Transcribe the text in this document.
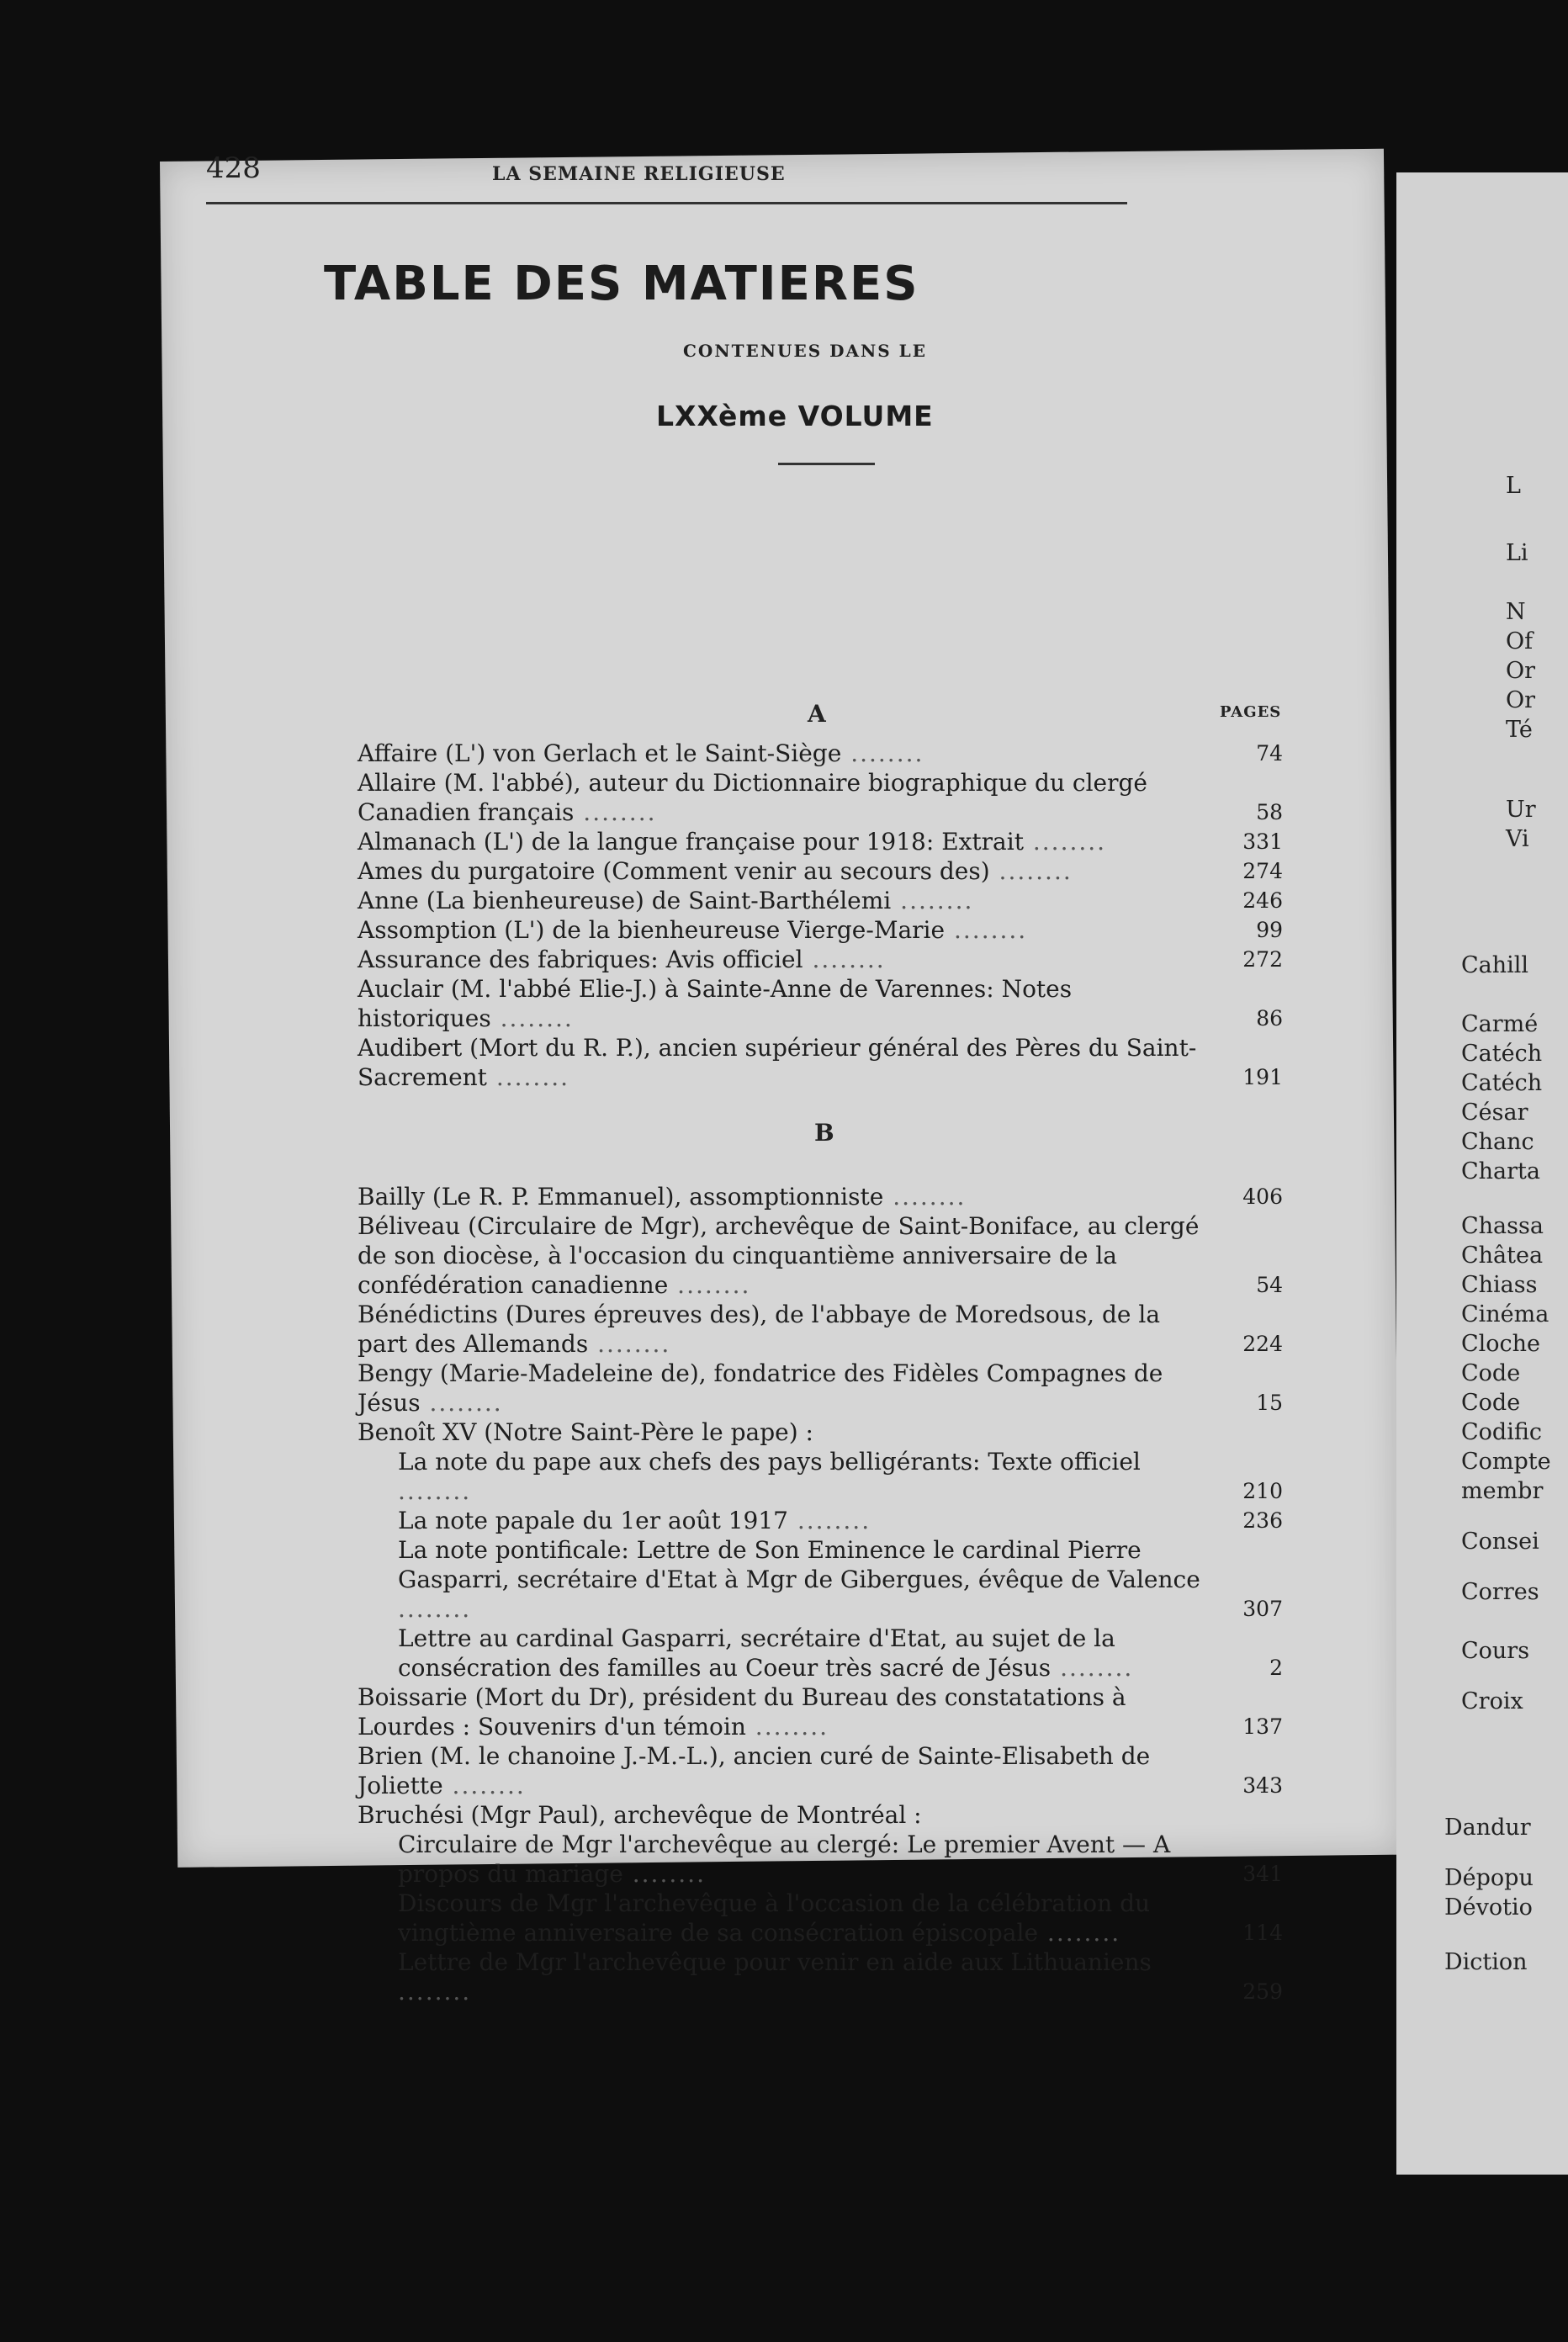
428	LA SEMAINE RELIGIEUSE
TABLE DES MATIERES
CONTENUES DANS LE
LXXème VOLUME
A	PAGES
Affaire (L') von Gerlach et le Saint-Siège ........	74
Allaire (M. l'abbé), auteur du Dictionnaire biographique du clergé Canadien français ........	58
Almanach (L') de la langue française pour 1918: Extrait ........	331
Ames du purgatoire (Comment venir au secours des) ........	274
Anne (La bienheureuse) de Saint-Barthélemi ........	246
Assomption (L') de la bienheureuse Vierge-Marie ........	99
Assurance des fabriques: Avis officiel ........	272
Auclair (M. l'abbé Elie-J.) à Sainte-Anne de Varennes: Notes historiques ........	86
Audibert (Mort du R. P.), ancien supérieur général des Pères du Saint-Sacrement ........	191
B
Bailly (Le R. P. Emmanuel), assomptionniste ........	406
Béliveau (Circulaire de Mgr), archevêque de Saint-Boniface, au clergé de son diocèse, à l'occasion du cinquantième anniversaire de la confédération canadienne ........	54
Bénédictins (Dures épreuves des), de l'abbaye de Moredsous, de la part des Allemands ........	224
Bengy (Marie-Madeleine de), fondatrice des Fidèles Compagnes de Jésus ........	15
Benoît XV (Notre Saint-Père le pape) :
La note du pape aux chefs des pays belligérants: Texte officiel ........	210
La note papale du 1er août 1917 ........	236
La note pontificale: Lettre de Son Eminence le cardinal Pierre Gasparri, secrétaire d'Etat à Mgr de Gibergues, évêque de Valence ........	307
Lettre au cardinal Gasparri, secrétaire d'Etat, au sujet de la consécration des familles au Coeur très sacré de Jésus ........	2
Boissarie (Mort du Dr), président du Bureau des constatations à Lourdes : Souvenirs d'un témoin ........	137
Brien (M. le chanoine J.-M.-L.), ancien curé de Sainte-Elisabeth de Joliette ........	343
Bruchési (Mgr Paul), archevêque de Montréal :
Circulaire de Mgr l'archevêque au clergé: Le premier Avent — A propos du mariage ........	341
Discours de Mgr l'archevêque à l'occasion de la célébration du vingtième anniversaire de sa consécration épiscopale ........	114
Lettre de Mgr l'archevêque pour venir en aide aux Lithuaniens ........	259
L
Li
N
Of
Or
Or
Té
Ur
Vi
Cahill
Carmé
Catéch
Catéch
César
Chanc
Charta
Chassa
Châtea
Chiass
Cinéma
Cloche
Code
Code
Codific
Compte
membr
Consei
Corres
Cours
Croix
Dandur
Dépopu
Dévotio
Diction
